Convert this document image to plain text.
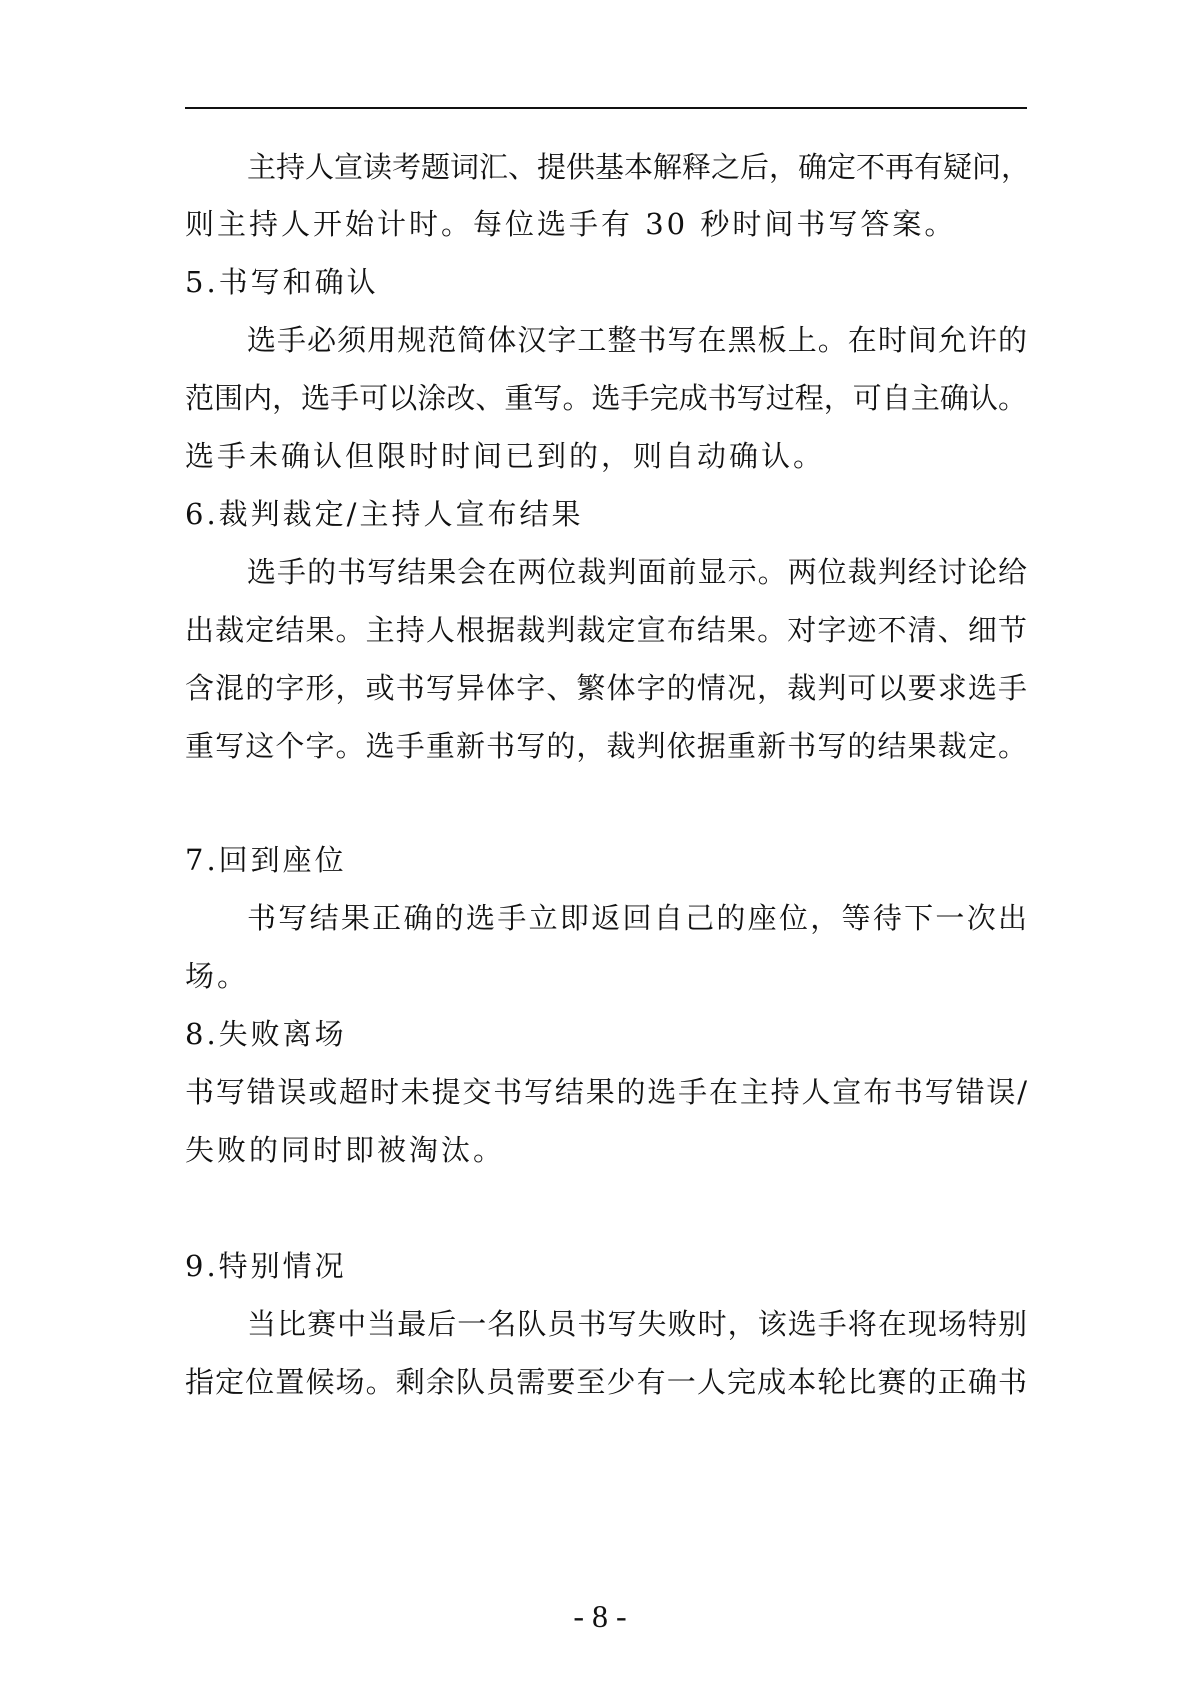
主持人宣读考题词汇、提供基本解释之后，确定不再有疑问，
则主持人开始计时。每位选手有 30 秒时间书写答案。
5.书写和确认
选手必须用规范简体汉字工整书写在黑板上。在时间允许的
范围内，选手可以涂改、重写。选手完成书写过程，可自主确认。
选手未确认但限时时间已到的，则自动确认。
6.裁判裁定/主持人宣布结果
选手的书写结果会在两位裁判面前显示。两位裁判经讨论给
出裁定结果。主持人根据裁判裁定宣布结果。对字迹不清、细节
含混的字形，或书写异体字、繁体字的情况，裁判可以要求选手
重写这个字。选手重新书写的，裁判依据重新书写的结果裁定。
7.回到座位
书写结果正确的选手立即返回自己的座位，等待下一次出
场。
8.失败离场
书写错误或超时未提交书写结果的选手在主持人宣布书写错误/
失败的同时即被淘汰。
9.特别情况
当比赛中当最后一名队员书写失败时，该选手将在现场特别
指定位置候场。剩余队员需要至少有一人完成本轮比赛的正确书
- 8 -
